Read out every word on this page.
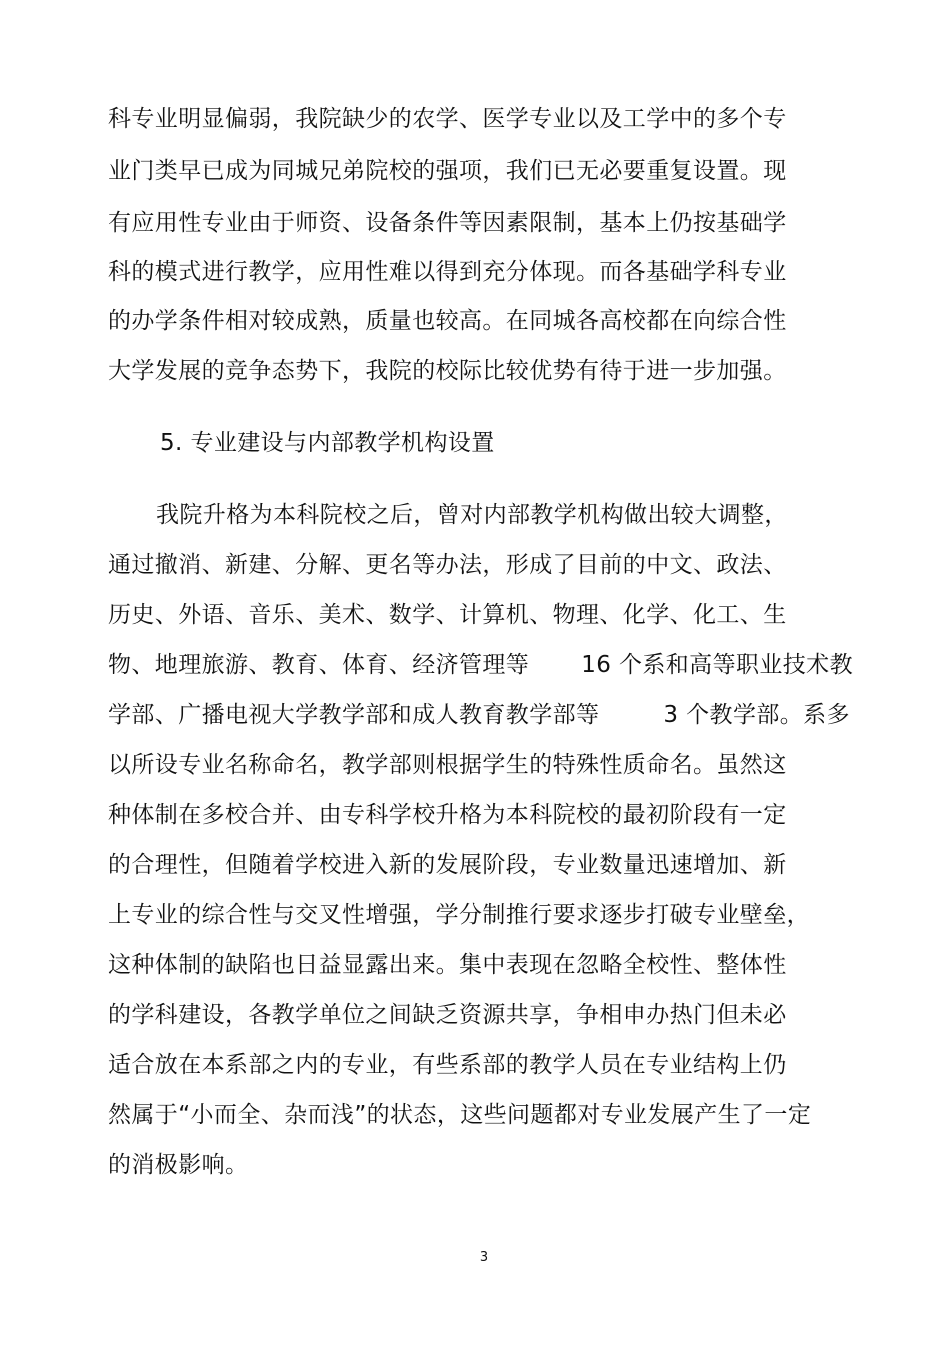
科专业明显偏弱，我院缺少的农学、医学专业以及工学中的多个专
业门类早已成为同城兄弟院校的强项，我们已无必要重复设置。现
有应用性专业由于师资、设备条件等因素限制，基本上仍按基础学
科的模式进行教学，应用性难以得到充分体现。而各基础学科专业
的办学条件相对较成熟，质量也较高。在同城各高校都在向综合性
大学发展的竞争态势下，我院的校际比较优势有待于进一步加强。
5. 专业建设与内部教学机构设置
我院升格为本科院校之后，曾对内部教学机构做出较大调整，
通过撤消、新建、分解、更名等办法，形成了目前的中文、政法、
历史、外语、音乐、美术、数学、计算机、物理、化学、化工、生
物、地理旅游、教育、体育、经济管理等 16 个系和高等职业技术教
学部、广播电视大学教学部和成人教育教学部等	3 个教学部。系多
以所设专业名称命名，教学部则根据学生的特殊性质命名。虽然这
种体制在多校合并、由专科学校升格为本科院校的最初阶段有一定
的合理性，但随着学校进入新的发展阶段，专业数量迅速增加、新
上专业的综合性与交叉性增强，学分制推行要求逐步打破专业壁垒，
这种体制的缺陷也日益显露出来。集中表现在忽略全校性、整体性
的学科建设，各教学单位之间缺乏资源共享，争相申办热门但未必
适合放在本系部之内的专业，有些系部的教学人员在专业结构上仍
然属于“小而全、杂而浅”的状态，这些问题都对专业发展产生了一定
的消极影响。
3
